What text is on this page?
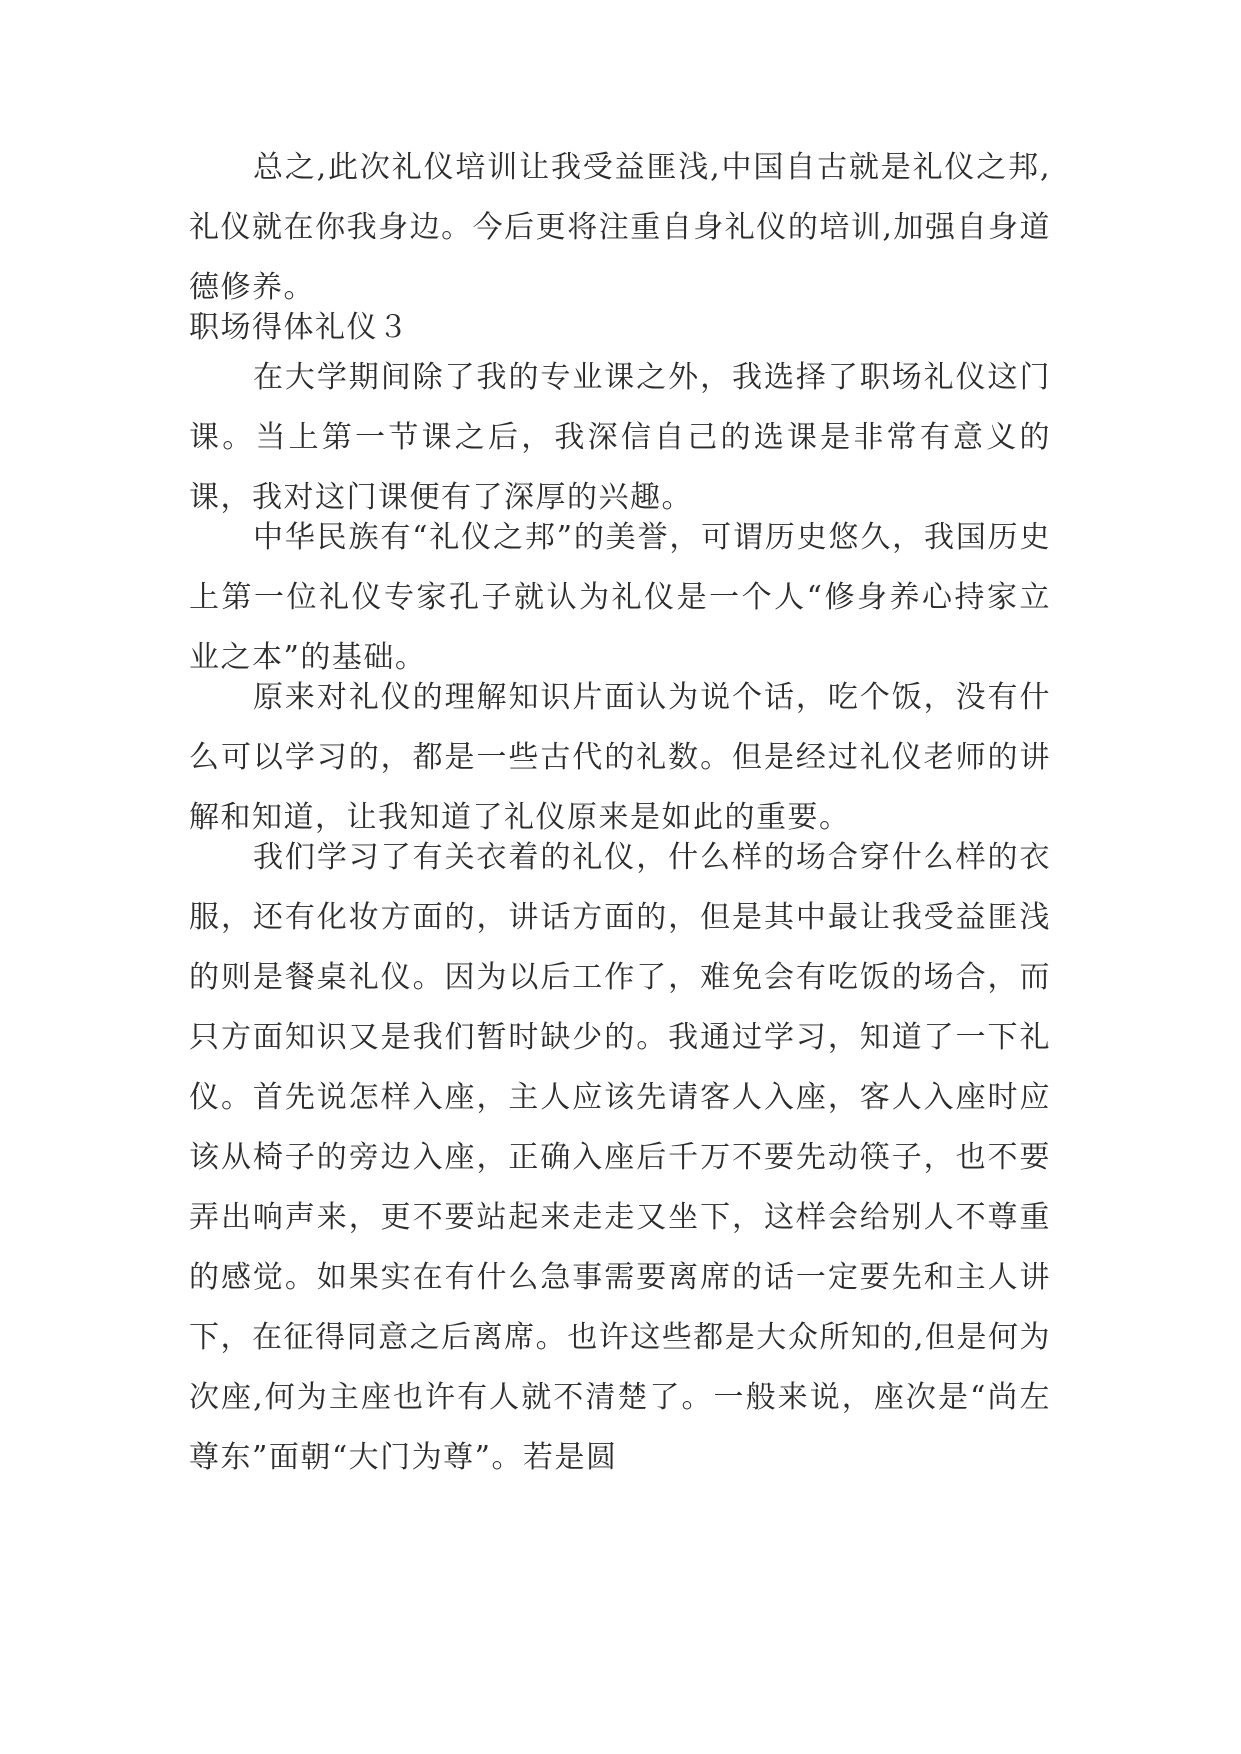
总之,此次礼仪培训让我受益匪浅,中国自古就是礼仪之邦,礼仪就在你我身边。今后更将注重自身礼仪的培训,加强自身道德修养。

职场得体礼仪３

在大学期间除了我的专业课之外，我选择了职场礼仪这门课。当上第一节课之后，我深信自己的选课是非常有意义的课，我对这门课便有了深厚的兴趣。

中华民族有“礼仪之邦”的美誉，可谓历史悠久，我国历史上第一位礼仪专家孔子就认为礼仪是一个人“修身养心持家立业之本”的基础。

原来对礼仪的理解知识片面认为说个话，吃个饭，没有什么可以学习的，都是一些古代的礼数。但是经过礼仪老师的讲解和知道，让我知道了礼仪原来是如此的重要。

我们学习了有关衣着的礼仪，什么样的场合穿什么样的衣服，还有化妆方面的，讲话方面的，但是其中最让我受益匪浅的则是餐桌礼仪。因为以后工作了，难免会有吃饭的场合，而只方面知识又是我们暂时缺少的。我通过学习，知道了一下礼仪。首先说怎样入座，主人应该先请客人入座，客人入座时应该从椅子的旁边入座，正确入座后千万不要先动筷子，也不要弄出响声来，更不要站起来走走又坐下，这样会给别人不尊重的感觉。如果实在有什么急事需要离席的话一定要先和主人讲下，在征得同意之后离席。也许这些都是大众所知的,但是何为次座,何为主座也许有人就不清楚了。一般来说，座次是“尚左尊东”面朝“大门为尊”。若是圆
